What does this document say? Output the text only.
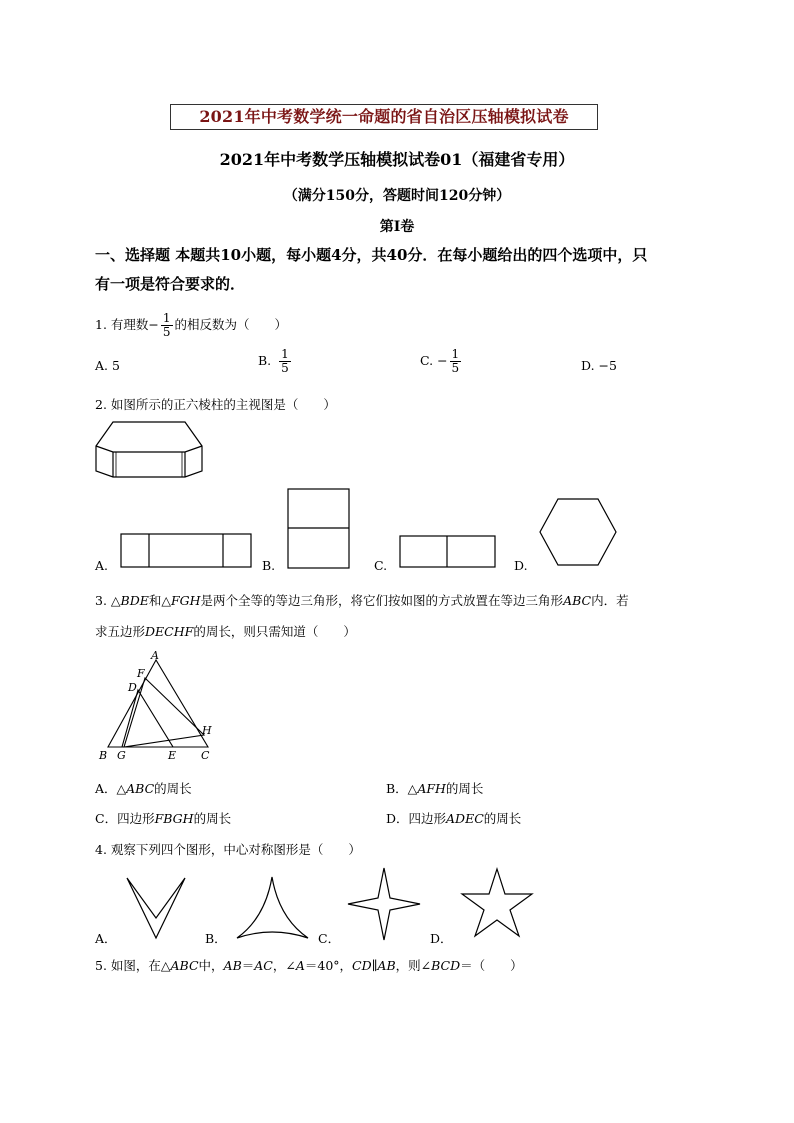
2021年中考数学统一命题的省自治区压轴模拟试卷
2021年中考数学压轴模拟试卷01（福建省专用）
（满分150分，答题时间120分钟）
第Ⅰ卷
一、选择题 本题共10小题，每小题4分，共40分．在每小题给出的四个选项中，只
有一项是符合要求的．
1. 有理数− $\frac{1}{5}$ 的相反数为（　　）
A. 5	B. $\frac{1}{5}$	C. − $\frac{1}{5}$	D. −5
2. 如图所示的正六棱柱的主视图是（　　）
A.	B.	C.	D.
3. △BDE和△FGH是两个全等的等边三角形，将它们按如图的方式放置在等边三角形ABC内．若
求五边形DECHF的周长，则只需知道（　　）
A
F
D
H
B G	E C
A．△ABC的周长	B．△AFH的周长
C．四边形FBGH的周长	D．四边形ADEC的周长
4. 观察下列四个图形，中心对称图形是（　　）
A．	B．	C．	D．
5. 如图，在△ABC中，AB＝AC，∠A＝40°，CD∥AB，则∠BCD＝（　　）
